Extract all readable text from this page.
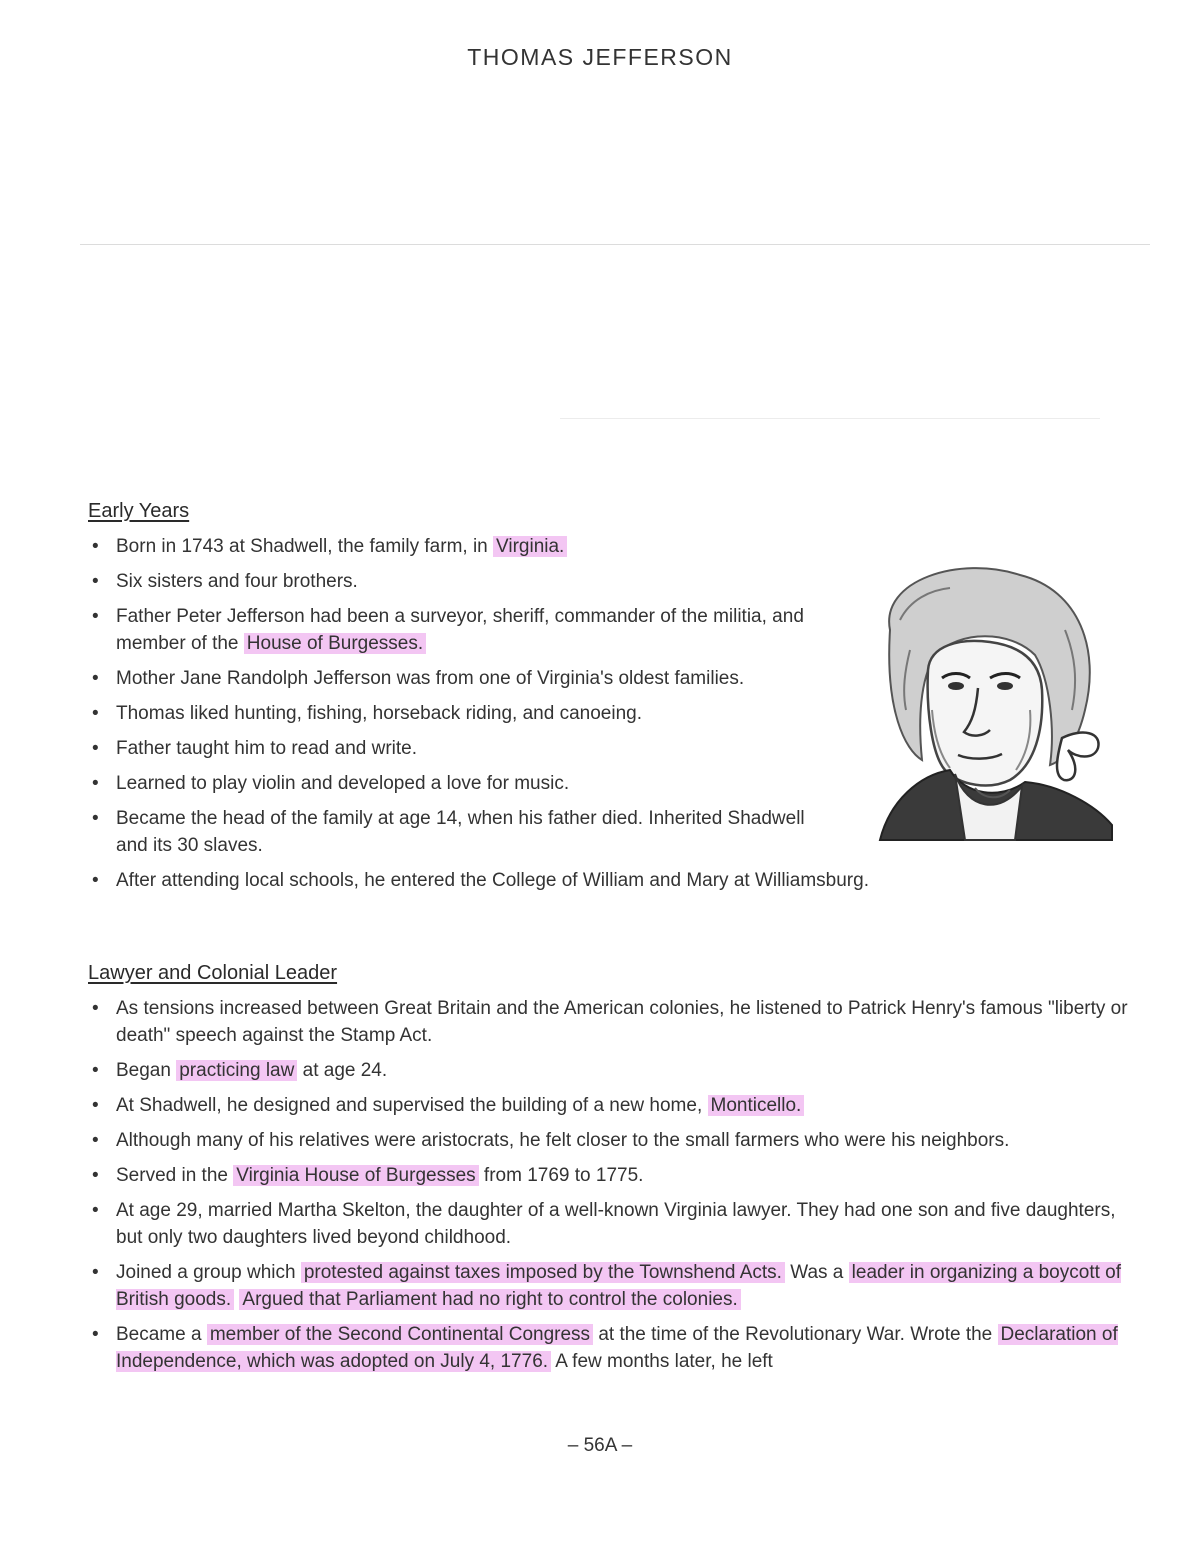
THOMAS JEFFERSON
Early Years
• Born in 1743 at Shadwell, the family farm, in Virginia.
• Six sisters and four brothers.
• Father Peter Jefferson had been a surveyor, sheriff, commander of the militia, and member of the House of Burgesses.
• Mother Jane Randolph Jefferson was from one of Virginia's oldest families.
• Thomas liked hunting, fishing, horseback riding, and canoeing.
• Father taught him to read and write.
• Learned to play violin and developed a love for music.
• Became the head of the family at age 14, when his father died. Inherited Shadwell and its 30 slaves.
• After attending local schools, he entered the College of William and Mary at Williamsburg.
Lawyer and Colonial Leader
• As tensions increased between Great Britain and the American colonies, he listened to Patrick Henry's famous "liberty or death" speech against the Stamp Act.
• Began practicing law at age 24.
• At Shadwell, he designed and supervised the building of a new home, Monticello.
• Although many of his relatives were aristocrats, he felt closer to the small farmers who were his neighbors.
• Served in the Virginia House of Burgesses from 1769 to 1775.
• At age 29, married Martha Skelton, the daughter of a well-known Virginia lawyer. They had one son and five daughters, but only two daughters lived beyond childhood.
• Joined a group which protested against taxes imposed by the Townshend Acts. Was a leader in organizing a boycott of British goods. Argued that Parliament had no right to control the colonies.
• Became a member of the Second Continental Congress at the time of the Revolutionary War. Wrote the Declaration of Independence, which was adopted on July 4, 1776. A few months later, he left
– 56A –
